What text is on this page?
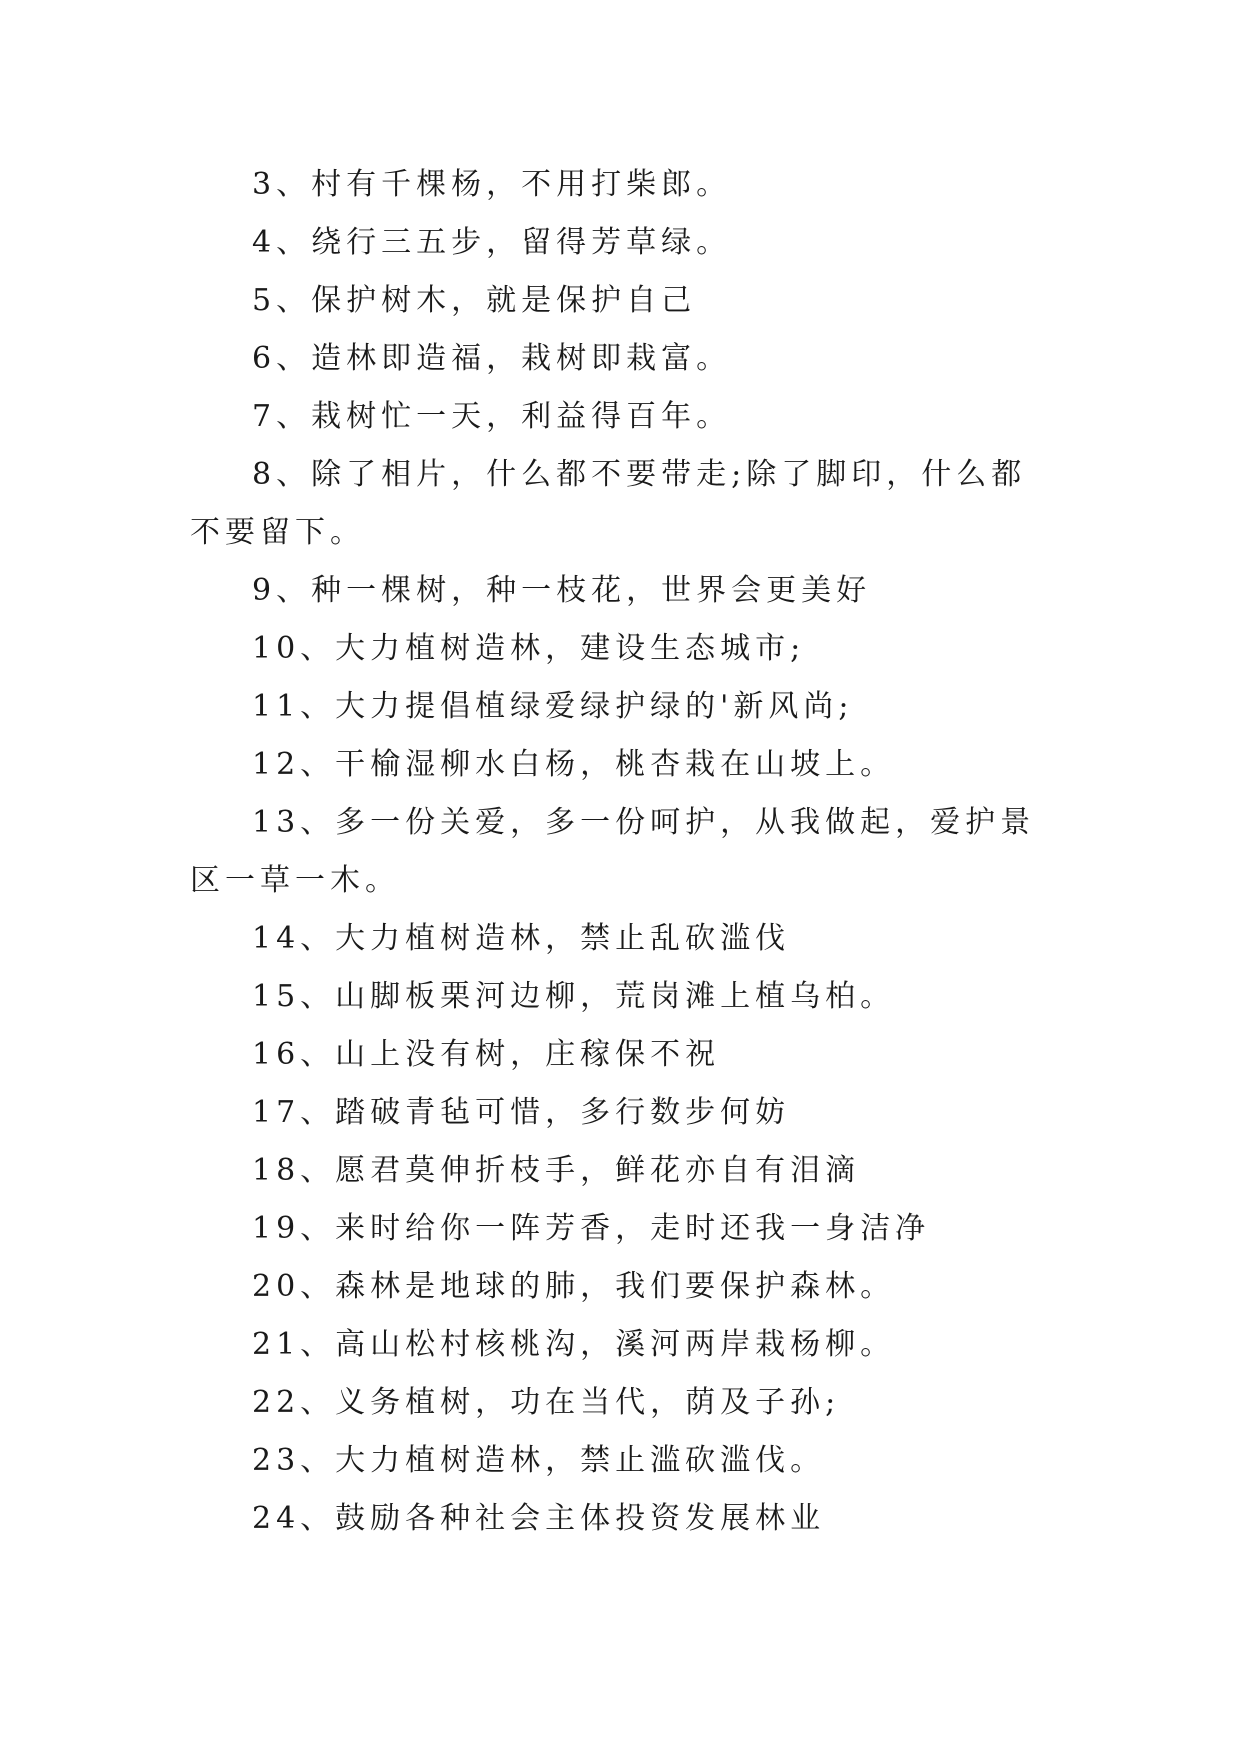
3、村有千棵杨，不用打柴郎。

4、绕行三五步，留得芳草绿。

5、保护树木，就是保护自己

6、造林即造福，栽树即栽富。

7、栽树忙一天，利益得百年。

8、除了相片，什么都不要带走;除了脚印，什么都不要留下。

9、种一棵树，种一枝花，世界会更美好

10、大力植树造林，建设生态城市;

11、大力提倡植绿爱绿护绿的'新风尚;

12、干榆湿柳水白杨，桃杏栽在山坡上。

13、多一份关爱，多一份呵护，从我做起，爱护景区一草一木。

14、大力植树造林，禁止乱砍滥伐

15、山脚板栗河边柳，荒岗滩上植乌柏。

16、山上没有树，庄稼保不祝

17、踏破青毡可惜，多行数步何妨

18、愿君莫伸折枝手，鲜花亦自有泪滴

19、来时给你一阵芳香，走时还我一身洁净

20、森林是地球的肺，我们要保护森林。

21、高山松村核桃沟，溪河两岸栽杨柳。

22、义务植树，功在当代，荫及子孙;

23、大力植树造林，禁止滥砍滥伐。

24、鼓励各种社会主体投资发展林业
